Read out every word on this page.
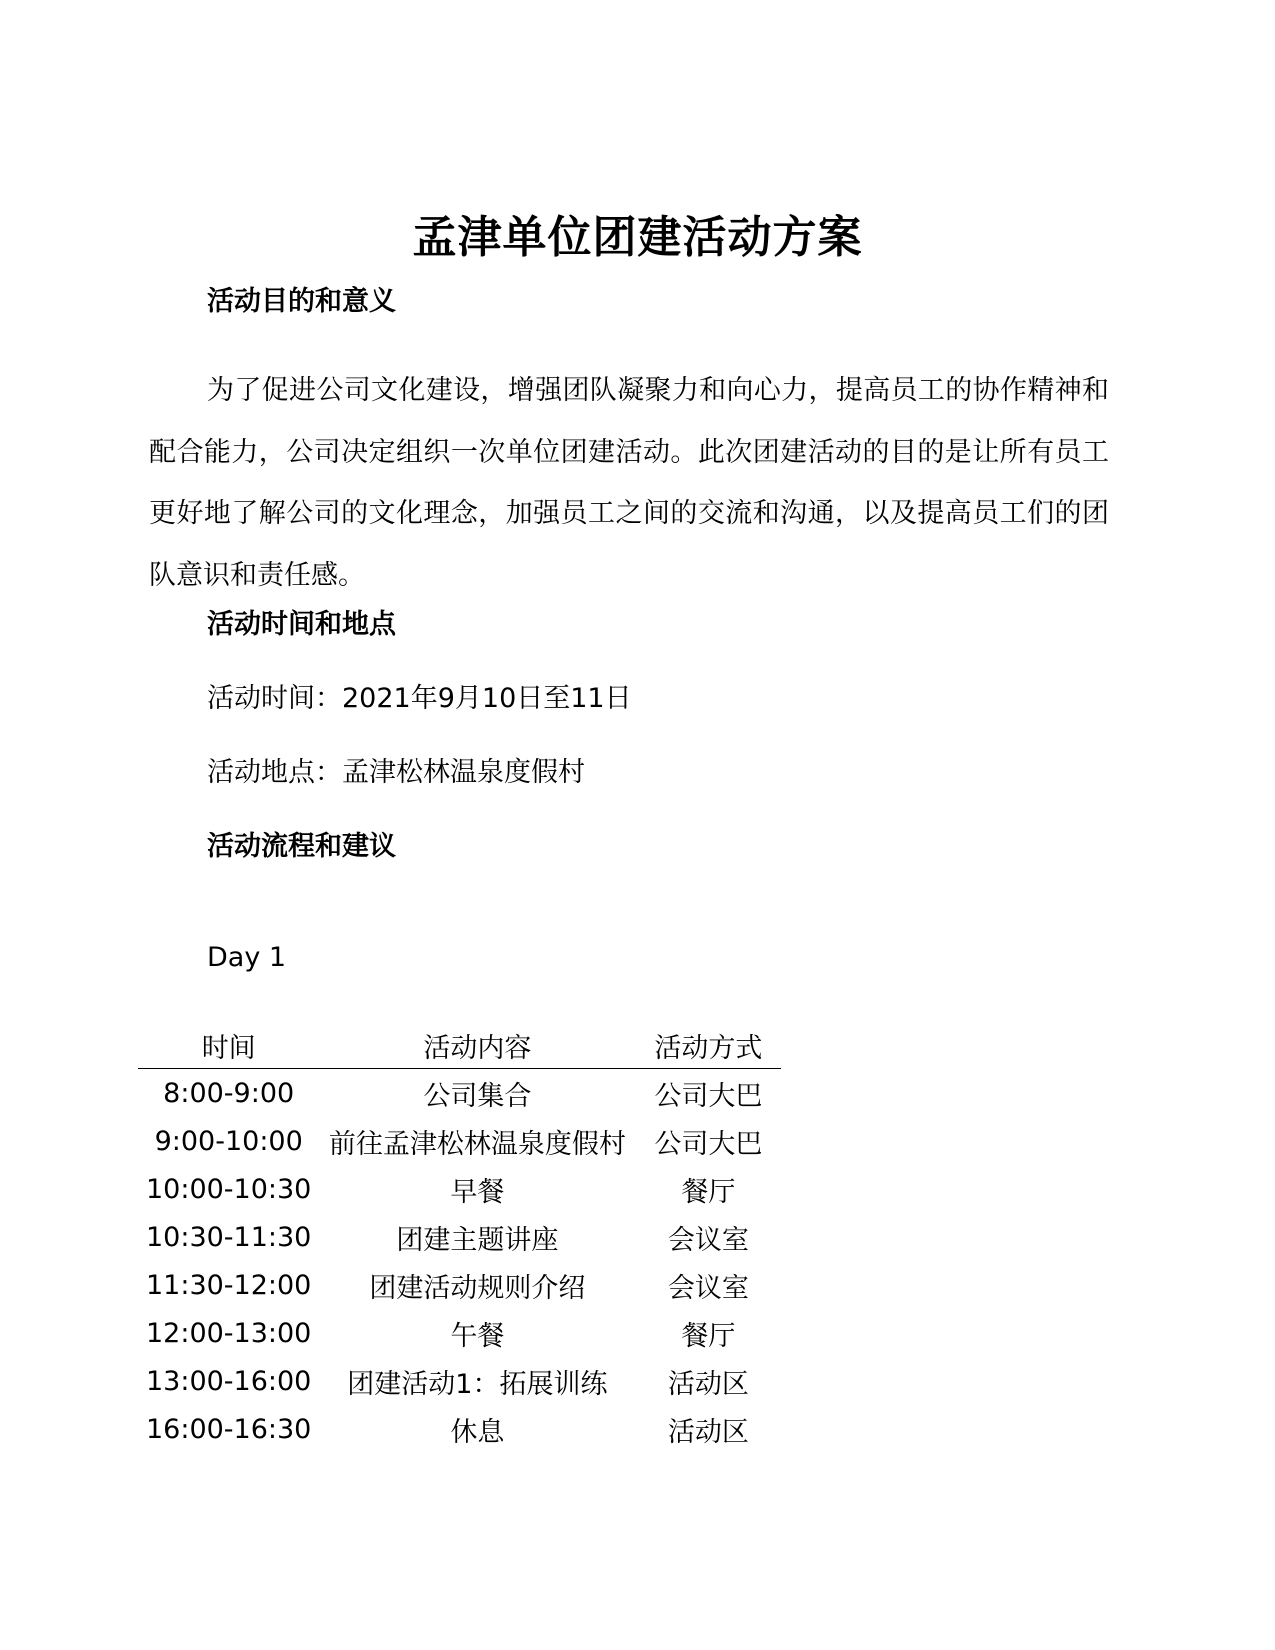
孟津单位团建活动方案
活动目的和意义

为了促进公司文化建设，增强团队凝聚力和向心力，提高员工的协作精神和配合能力，公司决定组织一次单位团建活动。此次团建活动的目的是让所有员工更好地了解公司的文化理念，加强员工之间的交流和沟通，以及提高员工们的团队意识和责任感。

活动时间和地点

活动时间：2021年9月10日至11日

活动地点：孟津松林温泉度假村

活动流程和建议

Day 1

时间	活动内容	活动方式
8:00-9:00	公司集合	公司大巴
9:00-10:00	前往孟津松林温泉度假村	公司大巴
10:00-10:30	早餐	餐厅
10:30-11:30	团建主题讲座	会议室
11:30-12:00	团建活动规则介绍	会议室
12:00-13:00	午餐	餐厅
13:00-16:00	团建活动1：拓展训练	活动区
16:00-16:30	休息	活动区
